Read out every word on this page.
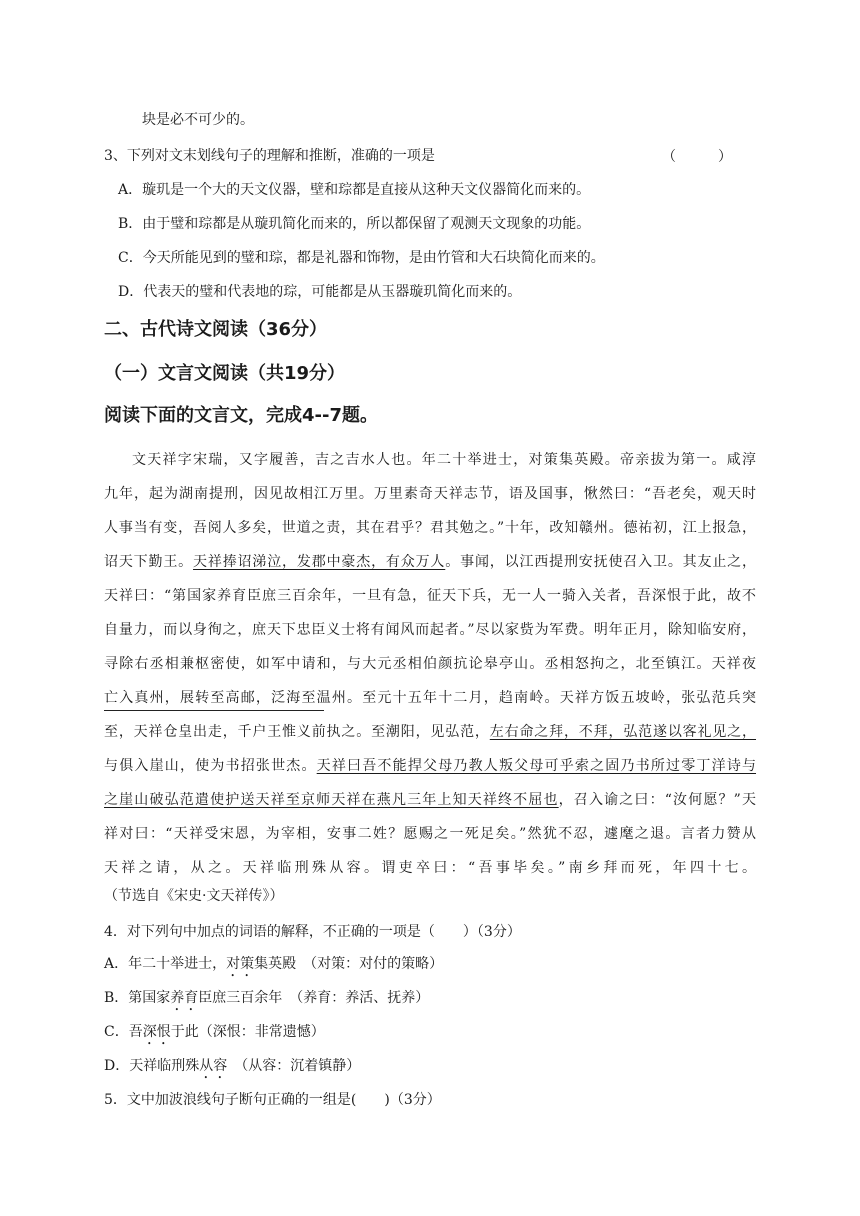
块是必不可少的。
3、下列对文末划线句子的理解和推断，准确的一项是	（　　　）
A．璇玑是一个大的天文仪器，壁和琮都是直接从这种天文仪器简化而来的。
B．由于璧和琮都是从璇玑简化而来的，所以都保留了观测天文现象的功能。
C．今天所能见到的璧和琮，都是礼器和饰物，是由竹管和大石块简化而来的。
D．代表天的璧和代表地的琮，可能都是从玉器璇玑简化而来的。
二、古代诗文阅读（36分）
（一）文言文阅读（共19分）
阅读下面的文言文，完成4--7题。
文天祥字宋瑞，又字履善，吉之吉水人也。年二十举进士，对策集英殿。帝亲拔为第一。咸淳
九年，起为湖南提刑，因见故相江万里。万里素奇天祥志节，语及国事，愀然曰：“吾老矣，观天时
人事当有变，吾阅人多矣，世道之责，其在君乎？君其勉之。”十年，改知赣州。德祐初，江上报急，
诏天下勤王。天祥捧诏涕泣，发郡中豪杰，有众万人。事闻，以江西提刑安抚使召入卫。其友止之，
天祥曰：“第国家养育臣庶三百余年，一旦有急，征天下兵，无一人一骑入关者，吾深恨于此，故不
自量力，而以身徇之，庶天下忠臣义士将有闻风而起者。”尽以家赀为军费。明年正月，除知临安府，
寻除右丞相兼枢密使，如军中请和，与大元丞相伯颜抗论皋亭山。丞相怒拘之，北至镇江。天祥夜
亡入真州，展转至高邮，泛海至温州。至元十五年十二月，趋南岭。天祥方饭五坡岭，张弘范兵突
至，天祥仓皇出走，千户王惟义前执之。至潮阳，见弘范，左右命之拜，不拜，弘范遂以客礼见之，
与俱入崖山，使为书招张世杰。天祥曰吾不能捍父母乃教人叛父母可乎索之固乃书所过零丁洋诗与
之崖山破弘范遣使护送天祥至京师天祥在燕凡三年上知天祥终不屈也，召入谕之曰：“汝何愿？”天
祥对曰：“天祥受宋恩，为宰相，安事二姓？愿赐之一死足矣。”然犹不忍，遽麾之退。言者力赞从
天祥之请，从之。天祥临刑殊从容。谓吏卒曰：“吾事毕矣。”南乡拜而死，年四十七。
（节选自《宋史·文天祥传》）
4．对下列句中加点的词语的解释，不正确的一项是（　　）（3分）
A．年二十举进士，对策集英殿　（对策：对付的策略）
B．第国家养育臣庶三百余年　（养育：养活、抚养）
C．吾深恨于此（深恨：非常遗憾）
D．天祥临刑殊从容　（从容：沉着镇静）
5．文中加波浪线句子断句正确的一组是(　　)（3分）
